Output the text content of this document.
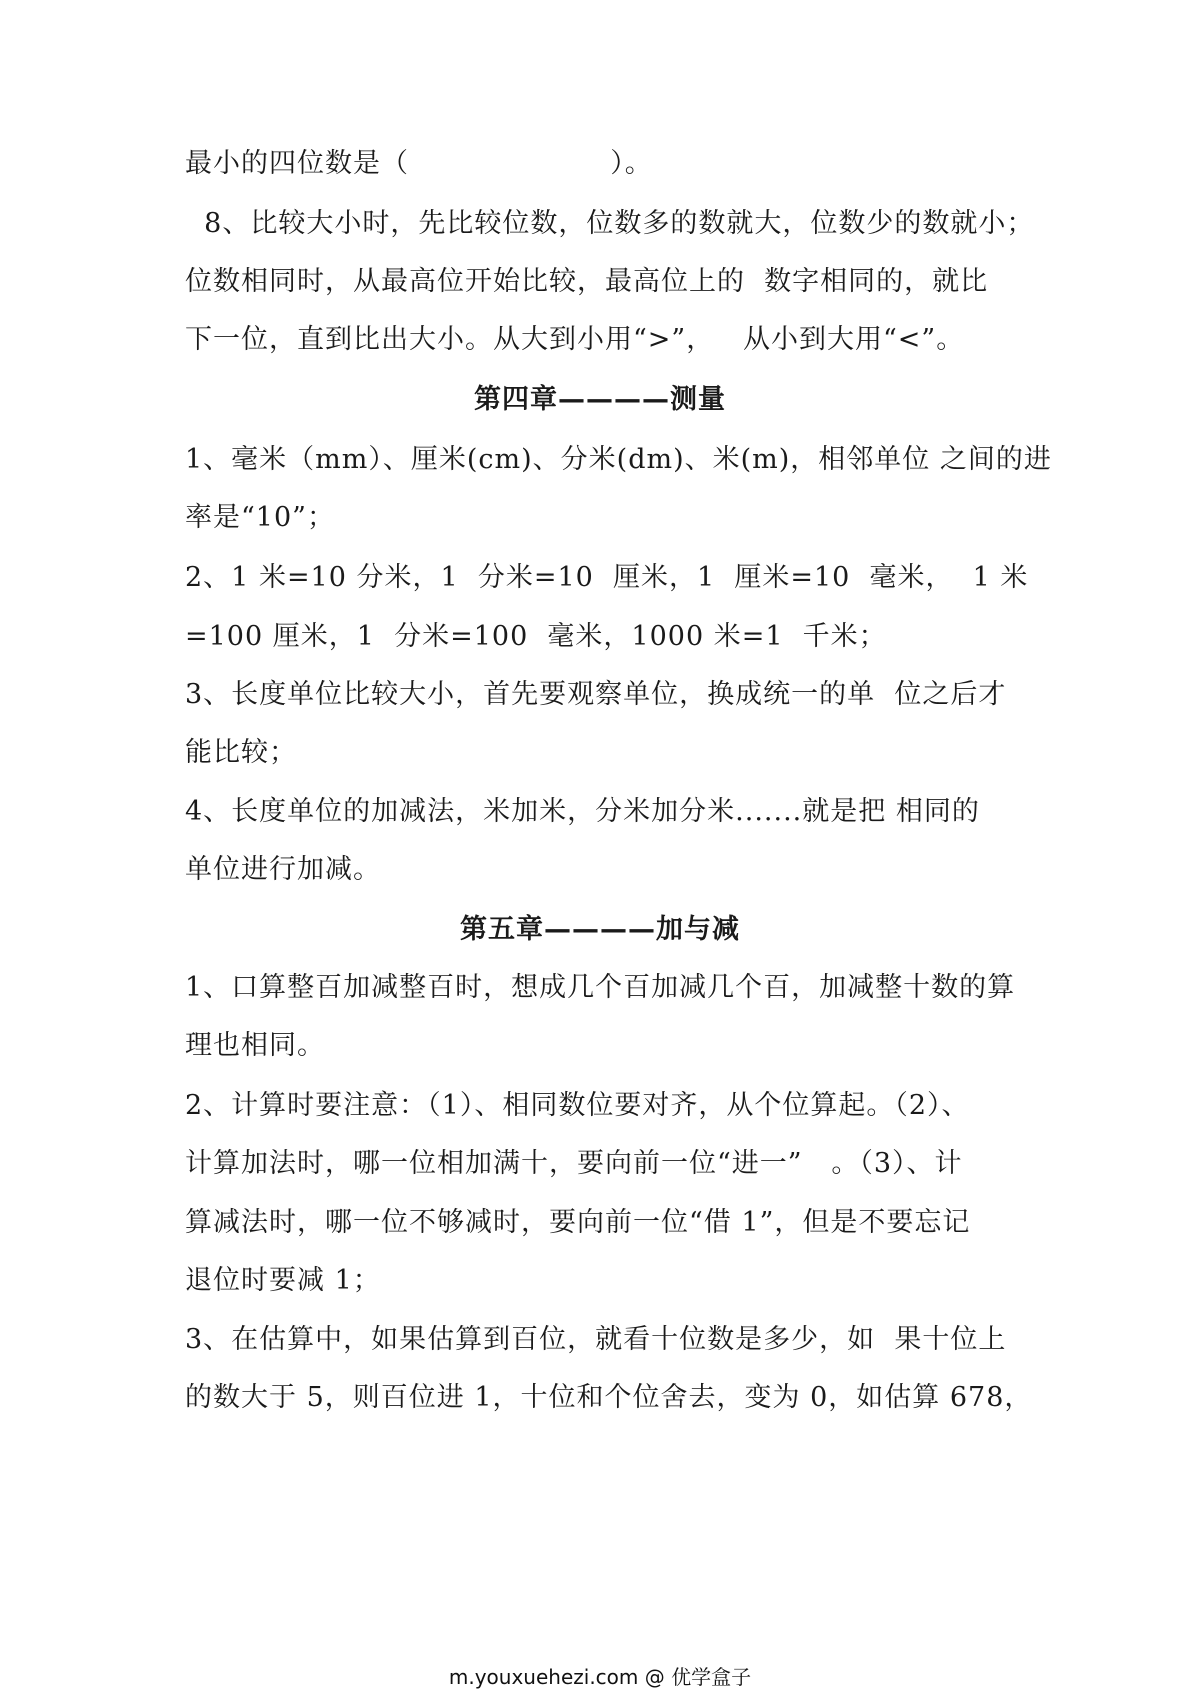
最小的四位数是（                     ）。
8、比较大小时，先比较位数，位数多的数就大，位数少的数就小；
位数相同时，从最高位开始比较，最高位上的  数字相同的，就比
下一位，直到比出大小。从大到小用“>”，   从小到大用“<”。
第四章————测量
1、毫米（mm）、厘米(cm)、分米(dm)、米(m)，相邻单位 之间的进
率是“10”；
2、1 米=10 分米，1  分米=10  厘米，1  厘米=10  毫米，  1 米
=100 厘米，1  分米=100  毫米，1000 米=1  千米；
3、长度单位比较大小，首先要观察单位，换成统一的单  位之后才
能比较；
4、长度单位的加减法，米加米，分米加分米.......就是把 相同的
单位进行加减。
第五章————加与减
1、口算整百加减整百时，想成几个百加减几个百，加减整十数的算
理也相同。
2、计算时要注意：（1）、相同数位要对齐，从个位算起。（2）、
计算加法时，哪一位相加满十，要向前一位“进一”   。（3）、计
算减法时，哪一位不够减时，要向前一位“借 1”，但是不要忘记
退位时要减 1；
3、在估算中，如果估算到百位，就看十位数是多少，如  果十位上
的数大于 5，则百位进 1，十位和个位舍去，变为 0，如估算 678，
m.youxuehezi.com @ 优学盒子
